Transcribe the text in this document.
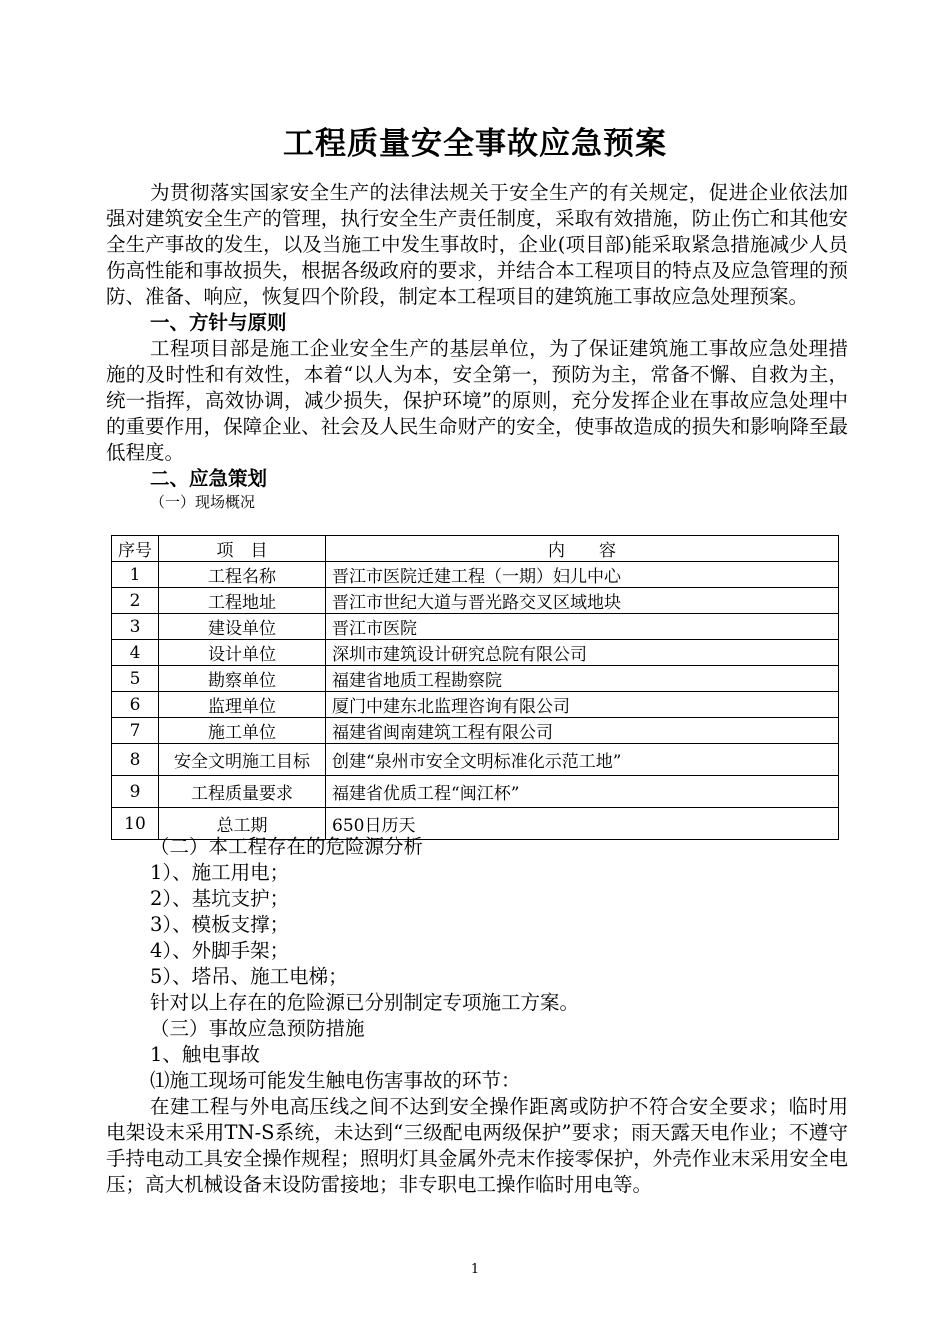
工程质量安全事故应急预案

为贯彻落实国家安全生产的法律法规关于安全生产的有关规定，促进企业依法加强对建筑安全生产的管理，执行安全生产责任制度，采取有效措施，防止伤亡和其他安全生产事故的发生，以及当施工中发生事故时，企业(项目部)能采取紧急措施减少人员伤高性能和事故损失，根据各级政府的要求，并结合本工程项目的特点及应急管理的预防、准备、响应，恢复四个阶段，制定本工程项目的建筑施工事故应急处理预案。

一、方针与原则

工程项目部是施工企业安全生产的基层单位，为了保证建筑施工事故应急处理措施的及时性和有效性，本着“以人为本，安全第一，预防为主，常备不懈、自救为主，统一指挥，高效协调，减少损失，保护环境”的原则，充分发挥企业在事故应急处理中的重要作用，保障企业、社会及人民生命财产的安全，使事故造成的损失和影响降至最低程度。

二、应急策划

（一）现场概况

序号	项　目	内　　容
1	工程名称	晋江市医院迁建工程（一期）妇儿中心
2	工程地址	晋江市世纪大道与晋光路交叉区域地块
3	建设单位	晋江市医院
4	设计单位	深圳市建筑设计研究总院有限公司
5	勘察单位	福建省地质工程勘察院
6	监理单位	厦门中建东北监理咨询有限公司
7	施工单位	福建省闽南建筑工程有限公司
8	安全文明施工目标	创建“泉州市安全文明标准化示范工地”
9	工程质量要求	福建省优质工程“闽江杯”
10	总工期	650日历天

（二）本工程存在的危险源分析

1）、施工用电；

2）、基坑支护；

3）、模板支撑；

4）、外脚手架；

5）、塔吊、施工电梯；

针对以上存在的危险源已分别制定专项施工方案。

（三）事故应急预防措施

1、触电事故

⑴施工现场可能发生触电伤害事故的环节：

在建工程与外电高压线之间不达到安全操作距离或防护不符合安全要求；临时用电架设末采用TN-S系统，未达到“三级配电两级保护”要求；雨天露天电作业；不遵守手持电动工具安全操作规程；照明灯具金属外壳末作接零保护，外壳作业末采用安全电压；高大机械设备末设防雷接地；非专职电工操作临时用电等。

1
